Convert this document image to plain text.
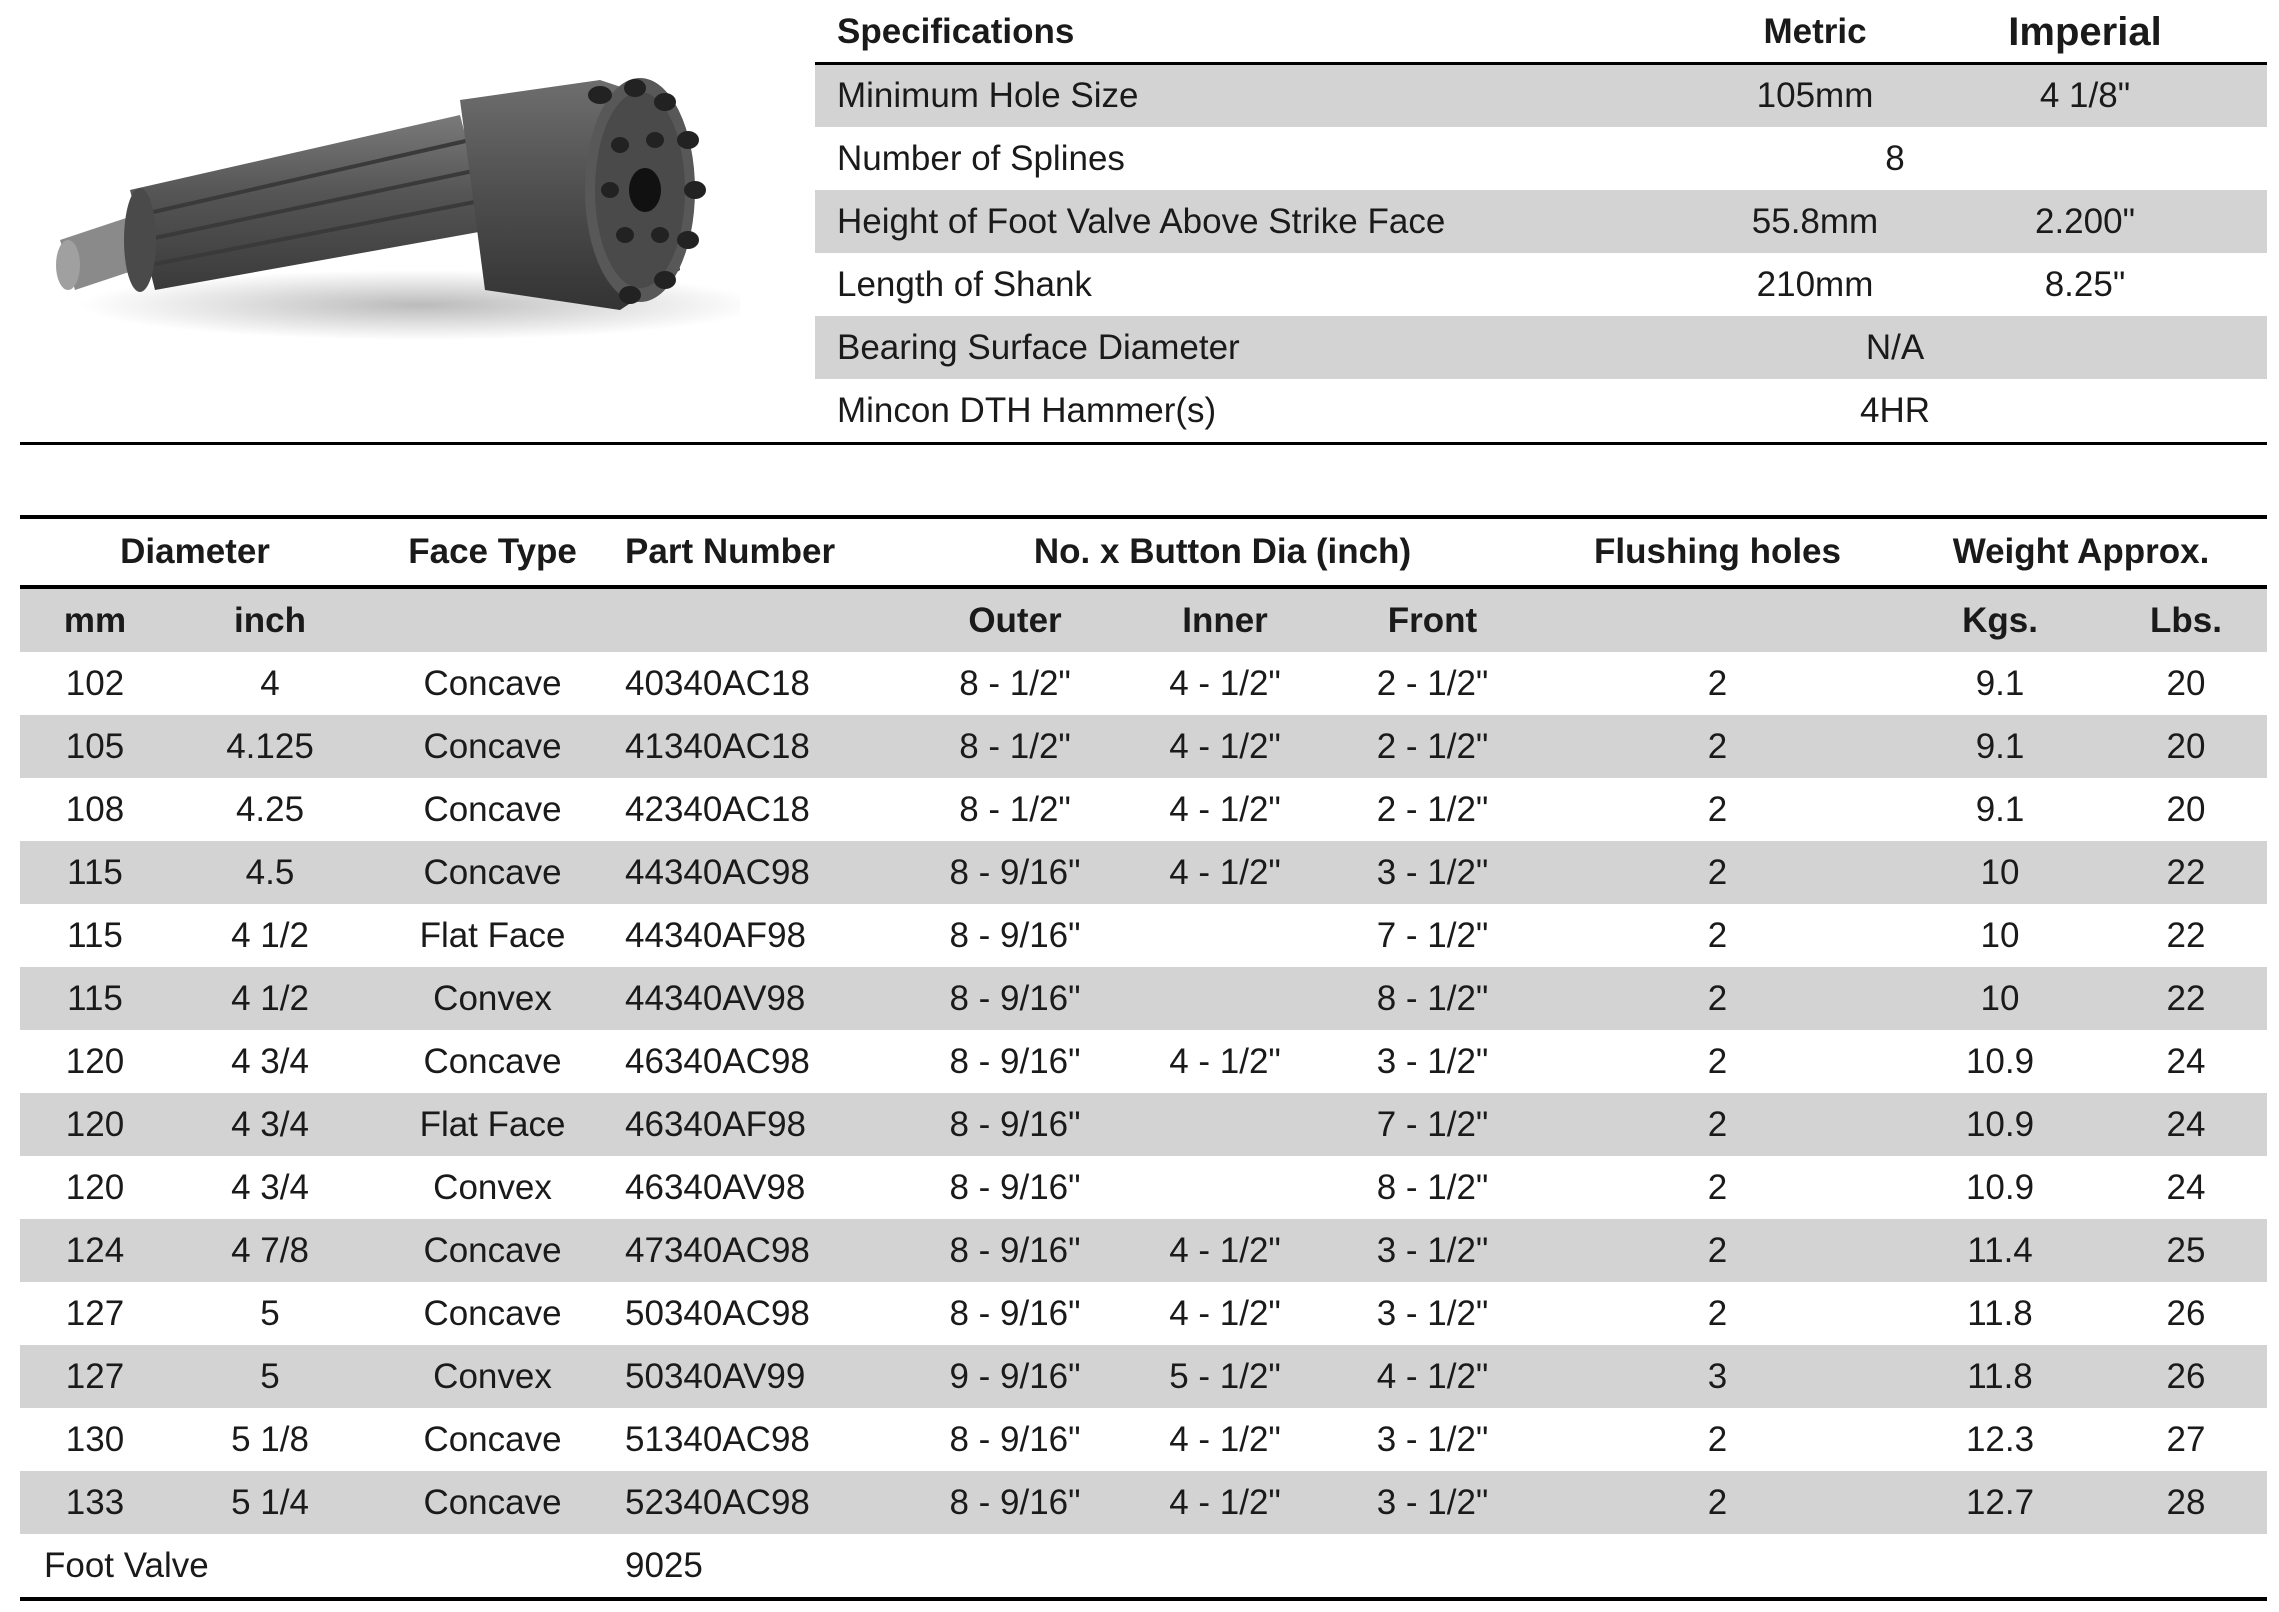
Specifications	Metric	Imperial
Minimum Hole Size	105mm	4 1/8"
Number of Splines	8
Height of Foot Valve Above Strike Face	55.8mm	2.200"
Length of Shank	210mm	8.25"
Bearing Surface Diameter	N/A
Mincon DTH Hammer(s)	4HR
Diameter		Face Type	Part Number	No. x Button Dia (inch)			Flushing holes	Weight Approx.	
mm	inch			Outer	Inner	Front		Kgs.	Lbs.
102	4	Concave	40340AC18	8 - 1/2"	4 - 1/2"	2 - 1/2"	2	9.1	20
105	4.125	Concave	41340AC18	8 - 1/2"	4 - 1/2"	2 - 1/2"	2	9.1	20
108	4.25	Concave	42340AC18	8 - 1/2"	4 - 1/2"	2 - 1/2"	2	9.1	20
115	4.5	Concave	44340AC98	8 - 9/16"	4 - 1/2"	3 - 1/2"	2	10	22
115	4 1/2	Flat Face	44340AF98	8 - 9/16"		7 - 1/2"	2	10	22
115	4 1/2	Convex	44340AV98	8 - 9/16"		8 - 1/2"	2	10	22
120	4 3/4	Concave	46340AC98	8 - 9/16"	4 - 1/2"	3 - 1/2"	2	10.9	24
120	4 3/4	Flat Face	46340AF98	8 - 9/16"		7 - 1/2"	2	10.9	24
120	4 3/4	Convex	46340AV98	8 - 9/16"		8 - 1/2"	2	10.9	24
124	4 7/8	Concave	47340AC98	8 - 9/16"	4 - 1/2"	3 - 1/2"	2	11.4	25
127	5	Concave	50340AC98	8 - 9/16"	4 - 1/2"	3 - 1/2"	2	11.8	26
127	5	Convex	50340AV99	9 - 9/16"	5 - 1/2"	4 - 1/2"	3	11.8	26
130	5 1/8	Concave	51340AC98	8 - 9/16"	4 - 1/2"	3 - 1/2"	2	12.3	27
133	5 1/4	Concave	52340AC98	8 - 9/16"	4 - 1/2"	3 - 1/2"	2	12.7	28
Foot Valve			9025						
